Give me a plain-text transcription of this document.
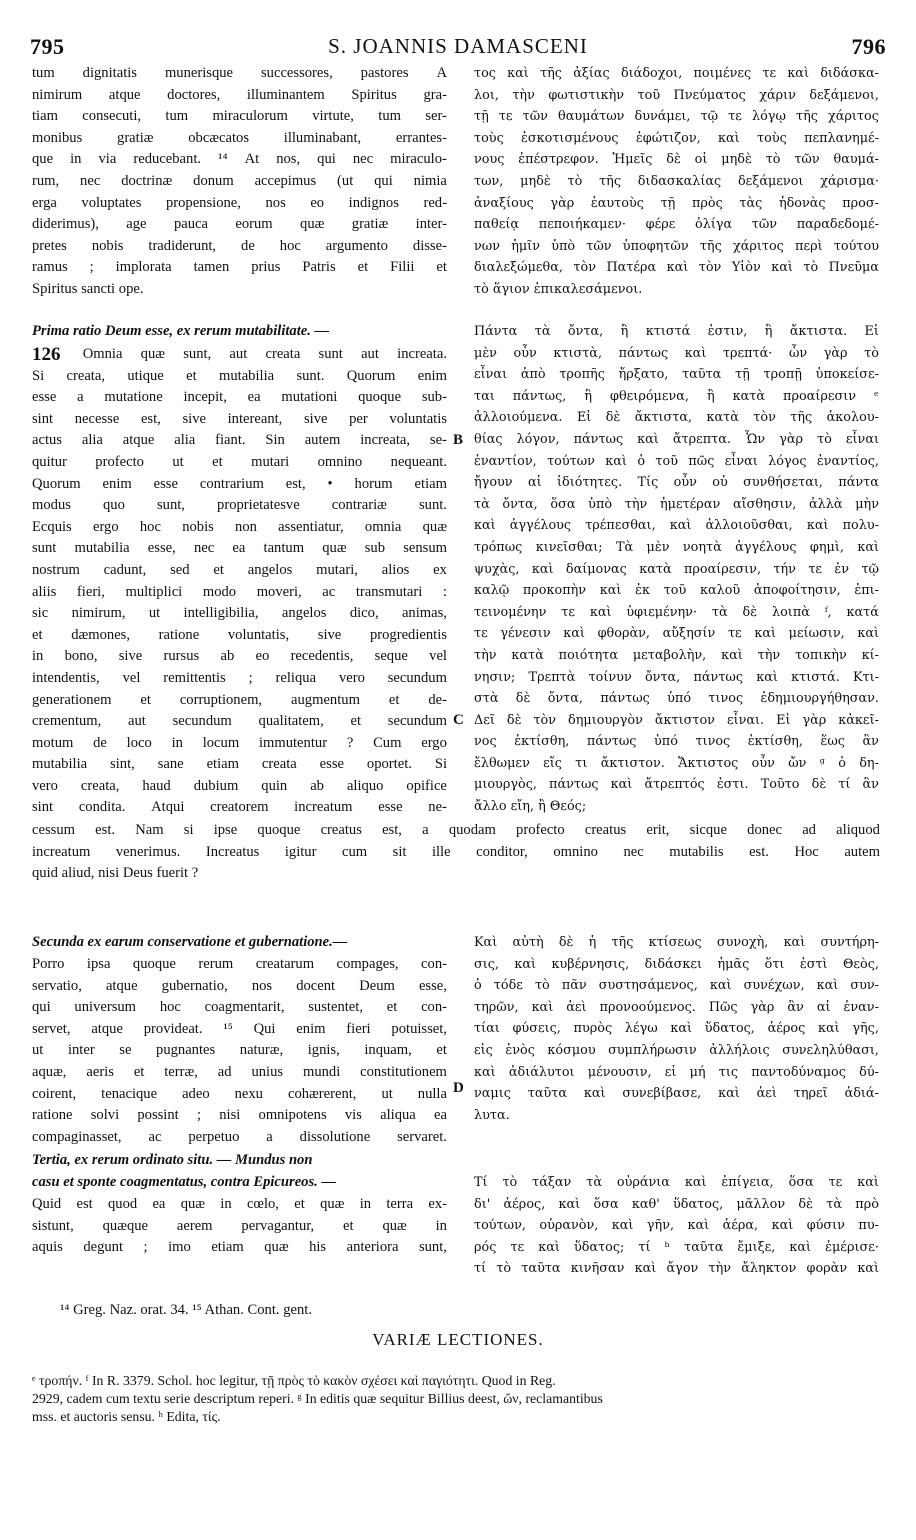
795	S. JOANNIS DAMASCENI	796
tum dignitatis munerisque successores, pastores A
nimirum atque doctores, illuminantem Spiritus gra-
tiam consecuti, tum miraculorum virtute, tum ser-
monibus gratiæ obcæcatos illuminabant, errantes-
que in via reducebant. ¹⁴ At nos, qui nec miraculo-
rum, nec doctrinæ donum accepimus (ut qui nimia
erga voluptates propensione, nos eo indignos red-
diderimus), age pauca eorum quæ gratiæ inter-
pretes nobis tradiderunt, de hoc argumento disse-
ramus ; implorata tamen prius Patris et Filii et
Spiritus sancti ope.
Prima ratio Deum esse, ex rerum mutabilitate. —
126 Omnia quæ sunt, aut creata sunt aut increata.
Si creata, utique et mutabilia sunt. Quorum enim
esse a mutatione incepit, ea mutationi quoque sub-
sint necesse est, sive intereant, sive per voluntatis
actus alia atque alia fiant. Sin autem increata, se-
quitur profecto ut et mutari omnino nequeant.
Quorum enim esse contrarium est, • horum etiam
modus quo sunt, proprietatesve contrariæ sunt.
Ecquis ergo hoc nobis non assentiatur, omnia quæ
sunt mutabilia esse, nec ea tantum quæ sub sensum
nostrum cadunt, sed et angelos mutari, alios ex
aliis fieri, multiplici modo moveri, ac transmutari :
sic nimirum, ut intelligibilia, angelos dico, animas,
et dæmones, ratione voluntatis, sive progredientis
in bono, sive rursus ab eo recedentis, seque vel
intendentis, vel remittentis ; reliqua vero secundum
generationem et corruptionem, augmentum et de-
crementum, aut secundum qualitatem, et secundum
motum de loco in locum immutentur ? Cum ergo
mutabilia sint, sane etiam creata esse oportet. Si
vero creata, haud dubium quin ab aliquo opifice
sint condita. Atqui creatorem increatum esse ne-
cessum est. Nam si ipse quoque creatus est, a quodam profecto creatus erit, sicque donec ad aliquod
increatum venerimus. Increatus igitur cum sit ille conditor, omnino nec mutabilis est. Hoc autem
quid aliud, nisi Deus fuerit ?
Secunda ex earum conservatione et gubernatione.—
Porro ipsa quoque rerum creatarum compages, con-
servatio, atque gubernatio, nos docent Deum esse,
qui universum hoc coagmentarit, sustentet, et con-
servet, atque provideat. ¹⁵ Qui enim fieri potuisset,
ut inter se pugnantes naturæ, ignis, inquam, et
aquæ, aeris et terræ, ad unius mundi constitutionem
coirent, tenacique adeo nexu cohærerent, ut nulla
ratione solvi possint ; nisi omnipotens vis aliqua ea
compaginasset, ac perpetuo a dissolutione servaret.
Tertia, ex rerum ordinato situ. — Mundus non
casu et sponte coagmentatus, contra Epicureos. —
Quid est quod ea quæ in cœlo, et quæ in terra ex-
sistunt, quæque aerem pervagantur, et quæ in
aquis degunt ; imo etiam quæ his anteriora sunt,
τος καὶ τῆς ἀξίας διάδοχοι, ποιμένες τε καὶ διδάσκα-
λοι, τὴν φωτιστικὴν τοῦ Πνεύματος χάριν δεξάμενοι,
τῇ τε τῶν θαυμάτων δυνάμει, τῷ τε λόγῳ τῆς χάριτος
τοὺς ἐσκοτισμένους ἐφώτιζον, καὶ τοὺς πεπλανημέ-
νους ἐπέστρεφον. Ἡμεῖς δὲ οἱ μηδὲ τὸ τῶν θαυμά-
των, μηδὲ τὸ τῆς διδασκαλίας δεξάμενοι χάρισμα·
ἀναξίους γὰρ ἑαυτοὺς τῇ πρὸς τὰς ἡδονὰς προσ-
παθείᾳ πεποιήκαμεν· φέρε ὀλίγα τῶν παραδεδομέ-
νων ἡμῖν ὑπὸ τῶν ὑποφητῶν τῆς χάριτος περὶ τούτου
διαλεξώμεθα, τὸν Πατέρα καὶ τὸν Υἱὸν καὶ τὸ Πνεῦμα
τὸ ἅγιον ἐπικαλεσάμενοι.
Πάντα τὰ ὄντα, ἢ κτιστά ἐστιν, ἢ ἄκτιστα. Εἰ
μὲν οὖν κτιστὰ, πάντως καὶ τρεπτά· ὧν γὰρ τὸ
εἶναι ἀπὸ τροπῆς ἤρξατο, ταῦτα τῇ τροπῇ ὑποκείσε-
ται πάντως, ἢ φθειρόμενα, ἢ κατὰ προαίρεσιν ᵉ
ἀλλοιούμενα. Εἰ δὲ ἄκτιστα, κατὰ τὸν τῆς ἀκολου-
θίας λόγον, πάντως καὶ ἄτρεπτα. Ὧν γὰρ τὸ εἶναι
ἐναντίον, τούτων καὶ ὁ τοῦ πῶς εἶναι λόγος ἐναντίος,
ἤγουν αἱ ἰδιότητες. Τίς οὖν οὐ συνθήσεται, πάντα
τὰ ὄντα, ὅσα ὑπὸ τὴν ἡμετέραν αἴσθησιν, ἀλλὰ μὴν
καὶ ἀγγέλους τρέπεσθαι, καὶ ἀλλοιοῦσθαι, καὶ πολυ-
τρόπως κινεῖσθαι; Τὰ μὲν νοητὰ ἀγγέλους φημὶ, καὶ
ψυχὰς, καὶ δαίμονας κατὰ προαίρεσιν, τήν τε ἐν τῷ
καλῷ προκοπὴν καὶ ἐκ τοῦ καλοῦ ἀποφοίτησιν, ἐπι-
τεινομένην τε καὶ ὑφιεμένην· τὰ δὲ λοιπὰ ᶠ, κατά
τε γένεσιν καὶ φθορὰν, αὔξησίν τε καὶ μείωσιν, καὶ
τὴν κατὰ ποιότητα μεταβολὴν, καὶ τὴν τοπικὴν κί-
νησιν; Τρεπτὰ τοίνυν ὄντα, πάντως καὶ κτιστά. Κτι-
στὰ δὲ ὄντα, πάντως ὑπό τινος ἐδημιουργήθησαν.
Δεῖ δὲ τὸν δημιουργὸν ἄκτιστον εἶναι. Εἰ γὰρ κἀκεῖ-
νος ἐκτίσθη, πάντως ὑπό τινος ἐκτίσθη, ἕως ἂν
ἔλθωμεν εἴς τι ἄκτιστον. Ἄκτιστος οὖν ὤν ᵍ ὁ δη-
μιουργὸς, πάντως καὶ ἄτρεπτός ἐστι. Τοῦτο δὲ τί ἂν
ἄλλο εἴη, ἢ Θεός;
Καὶ αὐτὴ δὲ ἡ τῆς κτίσεως συνοχὴ, καὶ συντήρη-
σις, καὶ κυβέρνησις, διδάσκει ἡμᾶς ὅτι ἐστὶ Θεὸς,
ὁ τόδε τὸ πᾶν συστησάμενος, καὶ συνέχων, καὶ συν-
τηρῶν, καὶ ἀεὶ προνοούμενος. Πῶς γὰρ ἂν αἱ ἐναν-
τίαι φύσεις, πυρὸς λέγω καὶ ὕδατος, ἀέρος καὶ γῆς,
εἰς ἑνὸς κόσμου συμπλήρωσιν ἀλλήλοις συνεληλύθασι,
καὶ ἀδιάλυτοι μένουσιν, εἰ μή τις παντοδύναμος δύ-
ναμις ταῦτα καὶ συνεβίβασε, καὶ ἀεὶ τηρεῖ ἀδιά-
λυτα.
Τί τὸ τάξαν τὰ οὐράνια καὶ ἐπίγεια, ὅσα τε καὶ
δι' ἀέρος, καὶ ὅσα καθ' ὕδατος, μᾶλλον δὲ τὰ πρὸ
τούτων, οὐρανὸν, καὶ γῆν, καὶ ἀέρα, καὶ φύσιν πυ-
ρός τε καὶ ὕδατος; τί ʰ ταῦτα ἔμιξε, καὶ ἐμέρισε·
τί τὸ ταῦτα κινῆσαν καὶ ἄγον τὴν ἄληκτον φορὰν καὶ
B
C
D
¹⁴ Greg. Naz. orat. 34. ¹⁵ Athan. Cont. gent.
VARIÆ LECTIONES.
ᵉ τροπήν. ᶠ In R. 3379. Schol. hoc legitur, τῇ πρὸς τὸ κακὸν σχέσει καὶ παγιότητι. Quod in Reg.
2929, cadem cum textu serie descriptum reperi. ᵍ In editis quæ sequitur Billius deest, ὤν, reclamantibus
mss. et auctoris sensu. ʰ Edita, τίς.
